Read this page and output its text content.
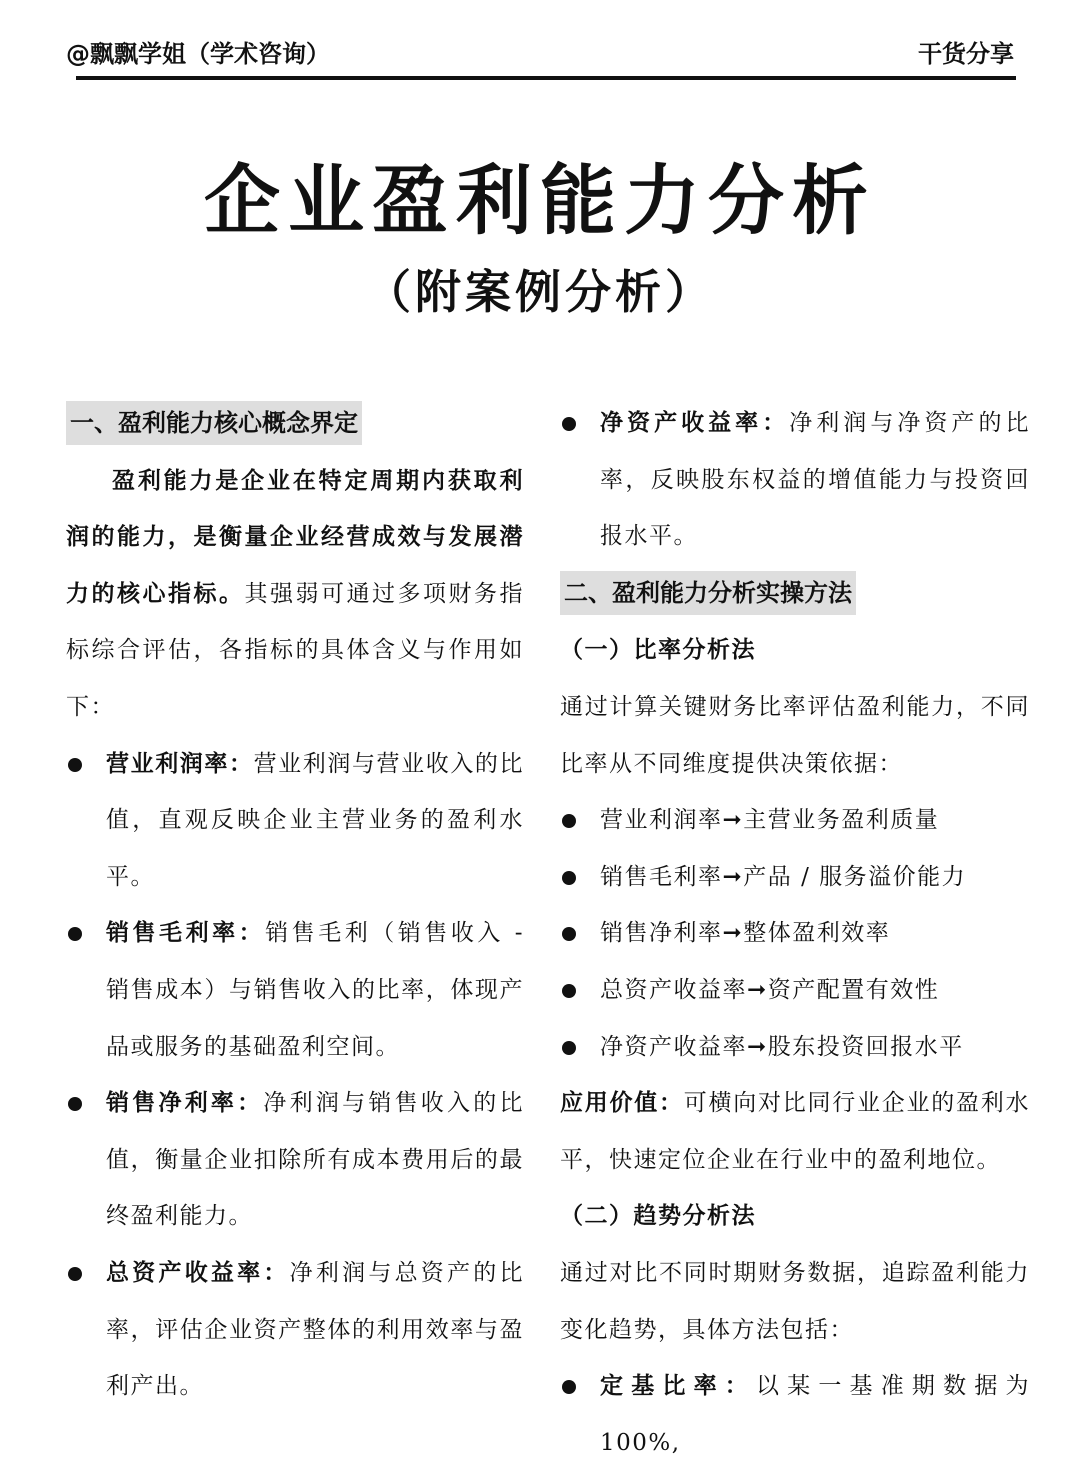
@飘飘学姐（学术咨询）	干货分享
企业盈利能力分析
（附案例分析）
一、盈利能力核心概念界定

盈利能力是企业在特定周期内获取利润的能力，是衡量企业经营成效与发展潜力的核心指标。其强弱可通过多项财务指标综合评估，各指标的具体含义与作用如下：

营业利润率：营业利润与营业收入的比值，直观反映企业主营业务的盈利水平。
销售毛利率：销售毛利（销售收入 - 销售成本）与销售收入的比率，体现产品或服务的基础盈利空间。
销售净利率：净利润与销售收入的比值，衡量企业扣除所有成本费用后的最终盈利能力。
总资产收益率：净利润与总资产的比率，评估企业资产整体的利用效率与盈利产出。
净资产收益率：净利润与净资产的比率，反映股东权益的增值能力与投资回报水平。
二、盈利能力分析实操方法

（一）比率分析法

通过计算关键财务比率评估盈利能力，不同比率从不同维度提供决策依据：

营业利润率➞主营业务盈利质量
销售毛利率➞产品 / 服务溢价能力
销售净利率➞整体盈利效率
总资产收益率➞资产配置有效性
净资产收益率➞股东投资回报水平

应用价值：可横向对比同行业企业的盈利水平，快速定位企业在行业中的盈利地位。

（二）趋势分析法

通过对比不同时期财务数据，追踪盈利能力变化趋势，具体方法包括：

定基比率：以某一基准期数据为 100%,
